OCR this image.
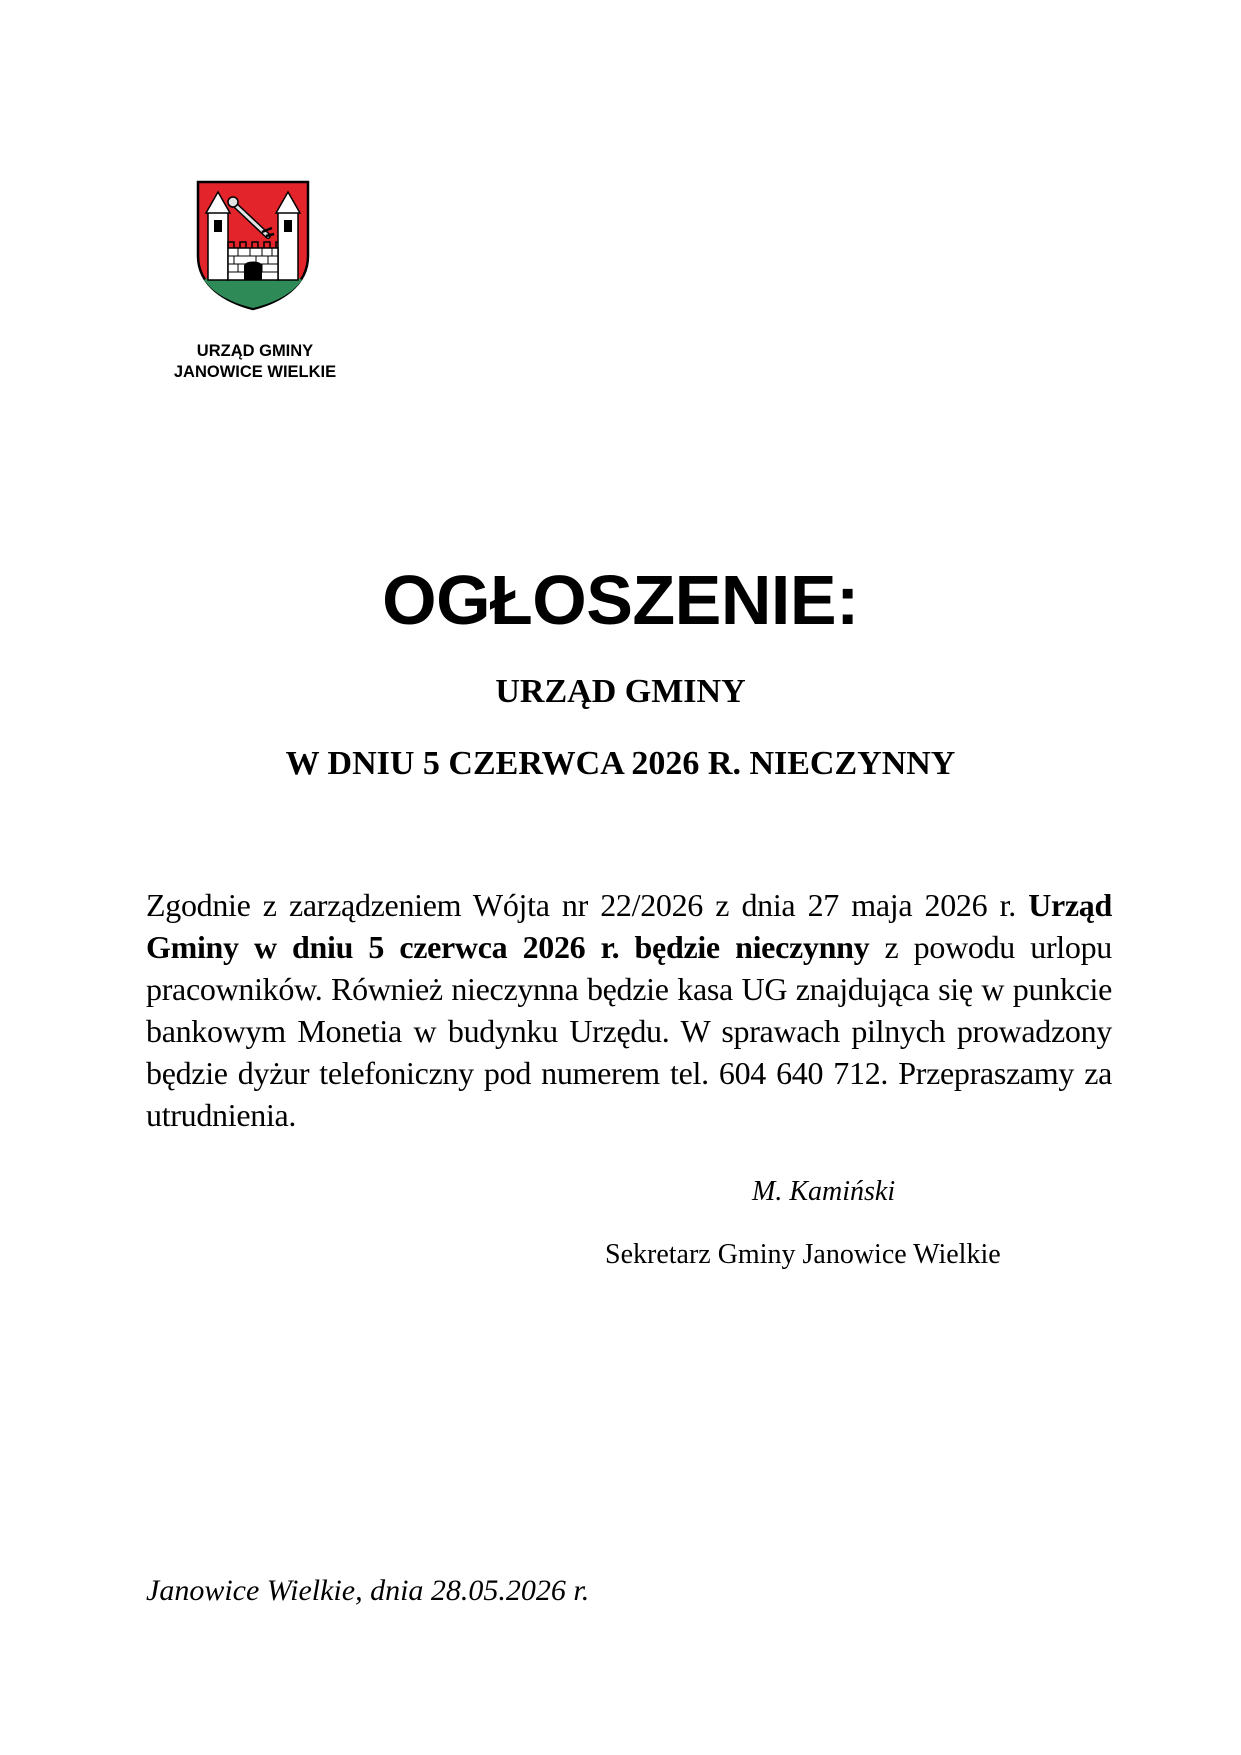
URZĄD GMINY
JANOWICE WIELKIE
OGŁOSZENIE:
URZĄD GMINY
W DNIU 5 CZERWCA 2026 R. NIECZYNNY

Zgodnie z zarządzeniem Wójta nr 22/2026 z dnia 27 maja 2026 r. Urząd Gminy w dniu 5 czerwca 2026 r. będzie nieczynny z powodu urlopu pracowników. Również nieczynna będzie kasa UG znajdująca się w punkcie bankowym Monetia w budynku Urzędu. W sprawach pilnych prowadzony będzie dyżur telefoniczny pod numerem tel. 604 640 712. Przepraszamy za utrudnienia.

M. Kamiński
Sekretarz Gminy Janowice Wielkie
Janowice Wielkie, dnia 28.05.2026 r.
